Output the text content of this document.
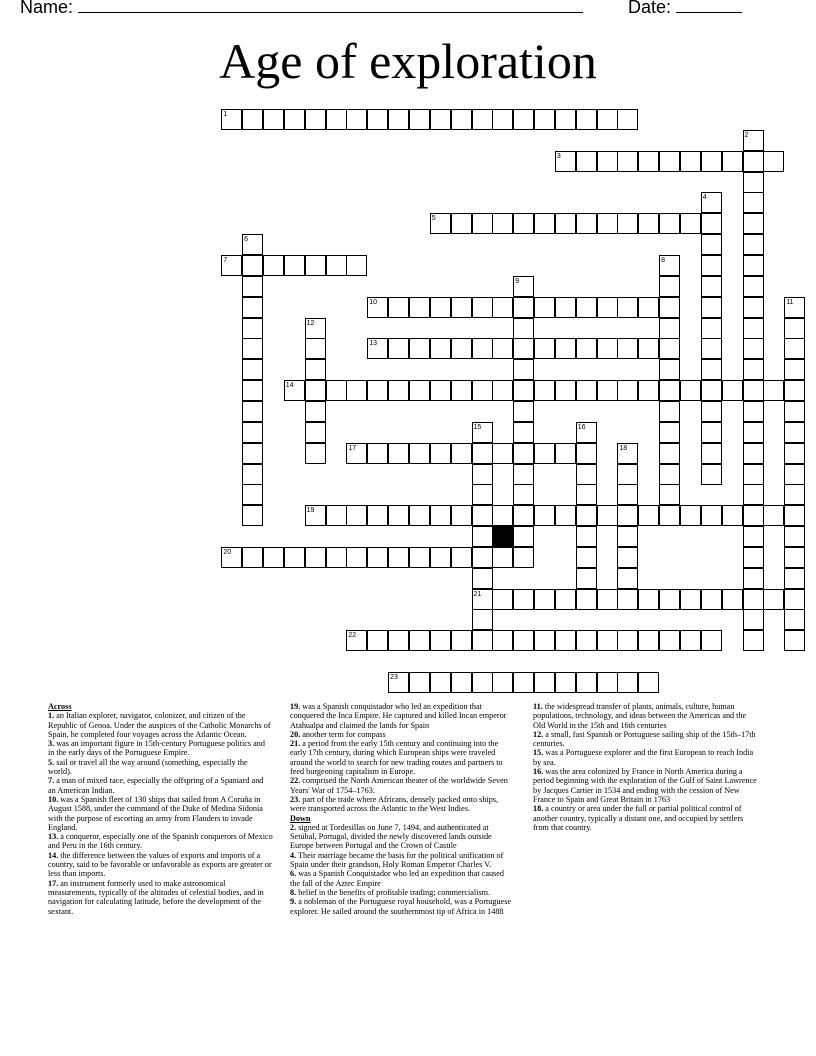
Name:	Date:
Age of exploration
1
2
3
4
5
6
7	8
9
10	11
12
13
14
15	16
17	18
19
20
21
22
23
Across
1. an Italian explorer, navigator, colonizer, and citizen of the Republic of Genoa. Under the auspices of the Catholic Monarchs of Spain, he completed four voyages across the Atlantic Ocean.
3. was an important figure in 15th-century Portuguese politics and in the early days of the Portuguese Empire.
5. sail or travel all the way around (something, especially the world).
7. a man of mixed race, especially the offspring of a Spaniard and an American Indian.
10. was a Spanish fleet of 130 ships that sailed from A Coruña in August 1588, under the command of the Duke of Medina Sidonia with the purpose of escorting an army from Flanders to invade England.
13. a conqueror, especially one of the Spanish conquerors of Mexico and Peru in the 16th century.
14. the difference between the values of exports and imports of a country, said to be favorable or unfavorable as exports are greater or less than imports.
17. an instrument formerly used to make astronomical measurements, typically of the altitudes of celestial bodies, and in navigation for calculating latitude, before the development of the sextant.
19. was a Spanish conquistador who led an expedition that conquered the Inca Empire. He captured and killed Incan emperor Atahualpa and claimed the lands for Spain
20. another term for compass
21. a period from the early 15th century and continuing into the early 17th century, during which European ships were traveled around the world to search for new trading routes and partners to feed burgeoning capitalism in Europe.
22. comprised the North American theater of the worldwide Seven Years' War of 1754–1763.
23. part of the trade where Africans, densely packed onto ships, were transported across the Atlantic to the West Indies.
Down
2. signed at Tordesillas on June 7, 1494, and authenticated at Setúbal, Portugal, divided the newly discovered lands outside Europe between Portugal and the Crown of Castile
4. Their marriage became the basis for the political unification of Spain under their grandson, Holy Roman Emperor Charles V.
6. was a Spanish Conquistador who led an expedition that caused the fall of the Aztec Empire
8. belief in the benefits of profitable trading; commercialism.
9. a nobleman of the Portuguese royal household, was a Portuguese explorer. He sailed around the southernmost tip of Africa in 1488
11. the widespread transfer of plants, animals, culture, human populations, technology, and ideas between the Americas and the Old World in the 15th and 16th centuries
12. a small, fast Spanish or Portuguese sailing ship of the 15th–17th centuries.
15. was a Portuguese explorer and the first European to reach India by sea.
16. was the area colonized by France in North America during a period beginning with the exploration of the Gulf of Saint Lawrence by Jacques Cartier in 1534 and ending with the cession of New France to Spain and Great Britain in 1763
18. a country or area under the full or partial political control of another country, typically a distant one, and occupied by settlers from that country.
